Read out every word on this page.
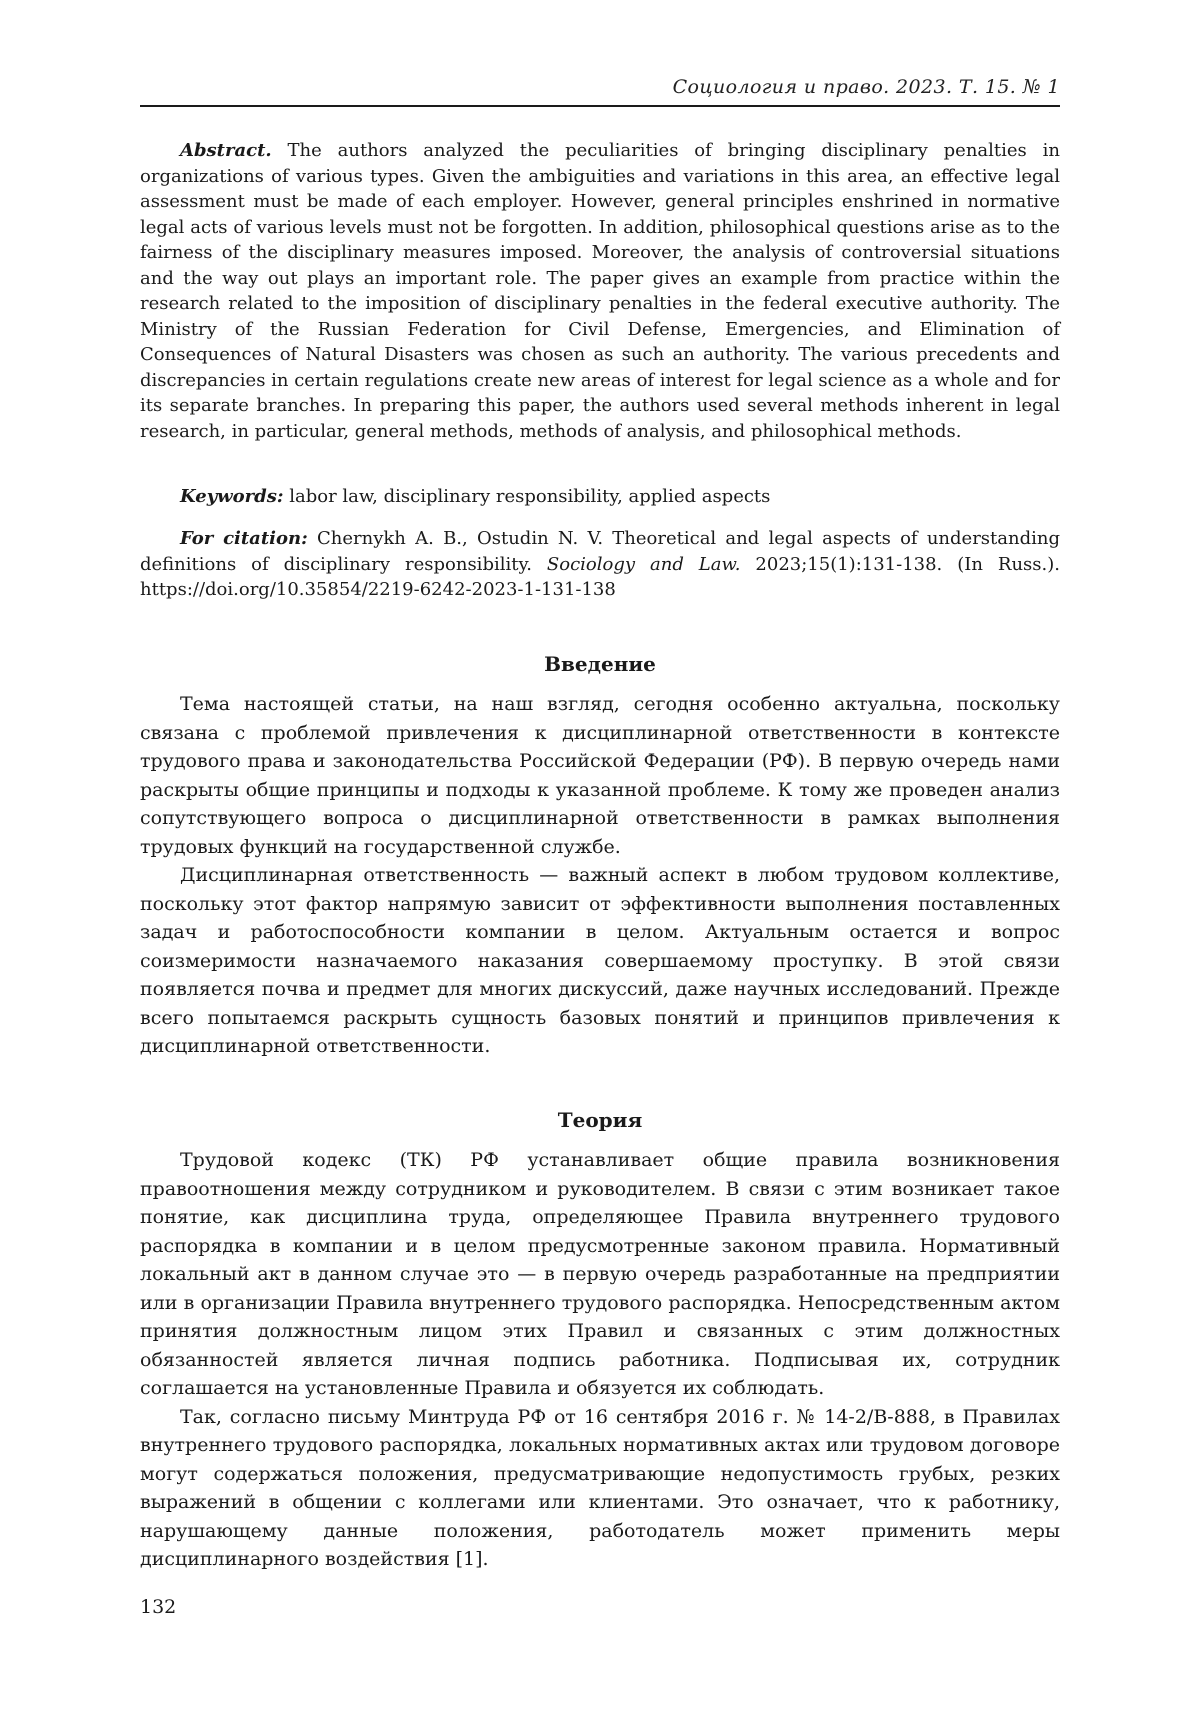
Социология и право. 2023. Т. 15. № 1
Abstract. The authors analyzed the peculiarities of bringing disciplinary penalties in organizations of various types. Given the ambiguities and variations in this area, an effective legal assessment must be made of each employer. However, general principles enshrined in normative legal acts of various levels must not be forgotten. In addition, philosophical questions arise as to the fairness of the disciplinary measures imposed. Moreover, the analysis of controversial situations and the way out plays an important role. The paper gives an example from practice within the research related to the imposition of disciplinary penalties in the federal executive authority. The Ministry of the Russian Federation for Civil Defense, Emergencies, and Elimination of Consequences of Natural Disasters was chosen as such an authority. The various precedents and discrepancies in certain regulations create new areas of interest for legal science as a whole and for its separate branches. In preparing this paper, the authors used several methods inherent in legal research, in particular, general methods, methods of analysis, and philosophical methods.
Keywords: labor law, disciplinary responsibility, applied aspects
For citation: Chernykh A. B., Ostudin N. V. Theoretical and legal aspects of understanding definitions of disciplinary responsibility. Sociology and Law. 2023;15(1):131-138. (In Russ.). https://doi.org/10.35854/2219-6242-2023-1-131-138
Введение

Тема настоящей статьи, на наш взгляд, сегодня особенно актуальна, поскольку связана с проблемой привлечения к дисциплинарной ответственности в контексте трудового права и законодательства Российской Федерации (РФ). В первую очередь нами раскрыты общие принципы и подходы к указанной проблеме. К тому же проведен анализ сопутствующего вопроса о дисциплинарной ответственности в рамках выполнения трудовых функций на государственной службе.

Дисциплинарная ответственность — важный аспект в любом трудовом коллективе, поскольку этот фактор напрямую зависит от эффективности выполнения поставленных задач и работоспособности компании в целом. Актуальным остается и вопрос соизмеримости назначаемого наказания совершаемому проступку. В этой связи появляется почва и предмет для многих дискуссий, даже научных исследований. Прежде всего попытаемся раскрыть сущность базовых понятий и принципов привлечения к дисциплинарной ответственности.

Теория

Трудовой кодекс (ТК) РФ устанавливает общие правила возникновения правоотношения между сотрудником и руководителем. В связи с этим возникает такое понятие, как дисциплина труда, определяющее Правила внутреннего трудового распорядка в компании и в целом предусмотренные законом правила. Нормативный локальный акт в данном случае это — в первую очередь разработанные на предприятии или в организации Правила внутреннего трудового распорядка. Непосредственным актом принятия должностным лицом этих Правил и связанных с этим должностных обязанностей является личная подпись работника. Подписывая их, сотрудник соглашается на установленные Правила и обязуется их соблюдать.

Так, согласно письму Минтруда РФ от 16 сентября 2016 г. № 14-2/В-888, в Правилах внутреннего трудового распорядка, локальных нормативных актах или трудовом договоре могут содержаться положения, предусматривающие недопустимость грубых, резких выражений в общении с коллегами или клиентами. Это означает, что к работнику, нарушающему данные положения, работодатель может применить меры дисциплинарного воздействия [1].

132
